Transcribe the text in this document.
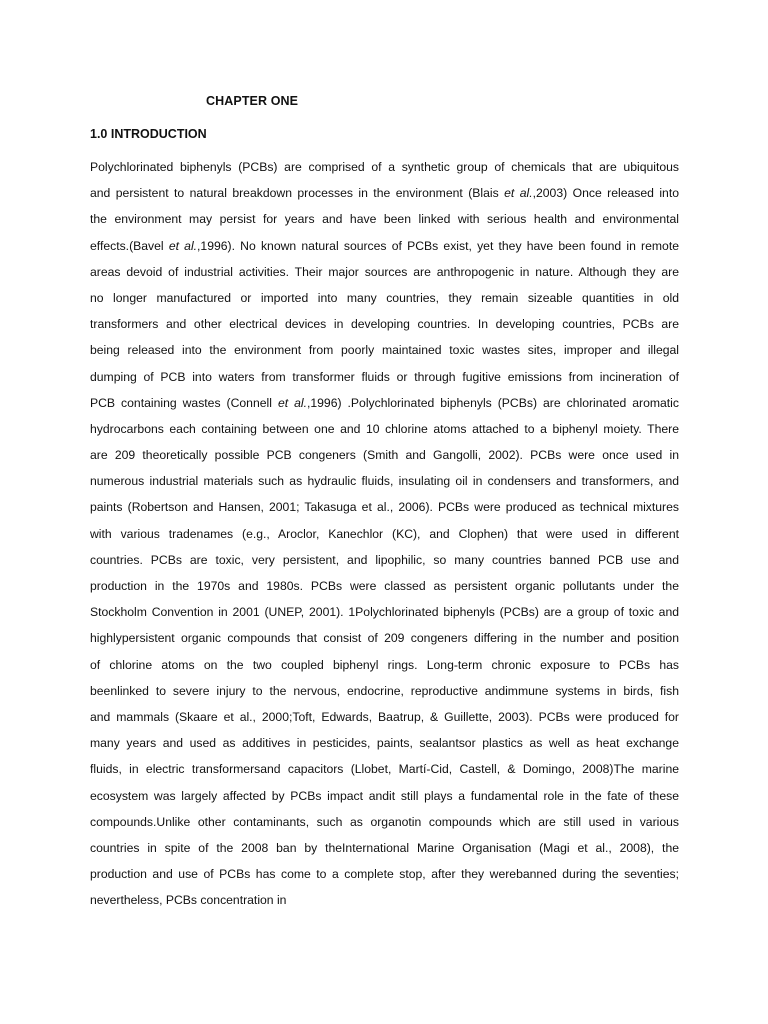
CHAPTER ONE
1.0 INTRODUCTION
Polychlorinated biphenyls (PCBs) are comprised of a synthetic group of chemicals that are ubiquitous
and persistent to natural breakdown processes in the environment (Blais et al.,2003) Once released into
the environment may persist for years and have been linked with serious health and environmental
effects.(Bavel et al.,1996). No known natural sources of PCBs exist, yet they have been found in remote
areas devoid of industrial activities. Their major sources are anthropogenic in nature. Although they are
no longer manufactured or imported into many countries, they remain sizeable quantities in old
transformers and other electrical devices in developing countries. In developing countries, PCBs are
being released into the environment from poorly maintained toxic wastes sites, improper and illegal
dumping of PCB into waters from transformer fluids or through fugitive emissions from incineration of
PCB containing wastes (Connell et al.,1996) .Polychlorinated biphenyls (PCBs) are chlorinated aromatic
hydrocarbons each containing between one and 10 chlorine atoms attached to a biphenyl moiety. There
are 209 theoretically possible PCB congeners (Smith and Gangolli, 2002). PCBs were once used in
numerous industrial materials such as hydraulic fluids, insulating oil in condensers and transformers, and
paints (Robertson and Hansen, 2001; Takasuga et al., 2006). PCBs were produced as technical mixtures
with various tradenames (e.g., Aroclor, Kanechlor (KC), and Clophen) that were used in different
countries. PCBs are toxic, very persistent, and lipophilic, so many countries banned PCB use and
production in the 1970s and 1980s. PCBs were classed as persistent organic pollutants under the
Stockholm Convention in 2001 (UNEP, 2001). 1Polychlorinated biphenyls (PCBs) are a group of toxic and
highlypersistent organic compounds that consist of 209 congeners differing in the number and position
of chlorine atoms on the two coupled biphenyl rings. Long-term chronic exposure to PCBs has
beenlinked to severe injury to the nervous, endocrine, reproductive andimmune systems in birds, fish
and mammals (Skaare et al., 2000;Toft, Edwards, Baatrup, & Guillette, 2003). PCBs were produced for
many years and used as additives in pesticides, paints, sealantsor plastics as well as heat exchange
fluids, in electric transformersand capacitors (Llobet, Martí-Cid, Castell, & Domingo, 2008)The marine
ecosystem was largely affected by PCBs impact andit still plays a fundamental role in the fate of these
compounds.Unlike other contaminants, such as organotin compounds which are still used in various
countries in spite of the 2008 ban by theInternational Marine Organisation (Magi et al., 2008), the
production and use of PCBs has come to a complete stop, after they werebanned during the seventies;
nevertheless, PCBs concentration in
